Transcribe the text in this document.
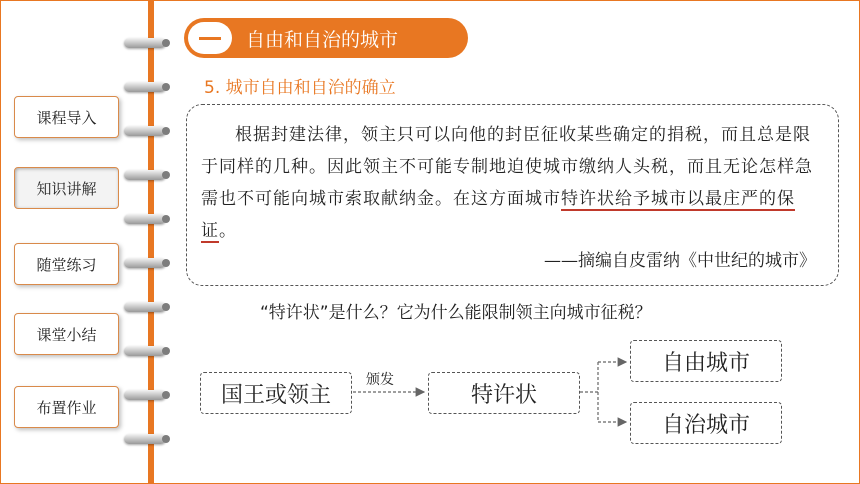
课程导入
知识讲解
随堂练习
课堂小结
布置作业
自由和自治的城市
5. 城市自由和自治的确立
根据封建法律，领主只可以向他的封臣征收某些确定的捐税，而且总是限于同样的几种。因此领主不可能专制地迫使城市缴纳人头税，而且无论怎样急需也不可能向城市索取献纳金。在这方面城市特许状给予城市以最庄严的保证。
——摘编自皮雷纳《中世纪的城市》
“特许状”是什么？它为什么能限制领主向城市征税？
国王或领主
颁发
特许状
自由城市
自治城市
